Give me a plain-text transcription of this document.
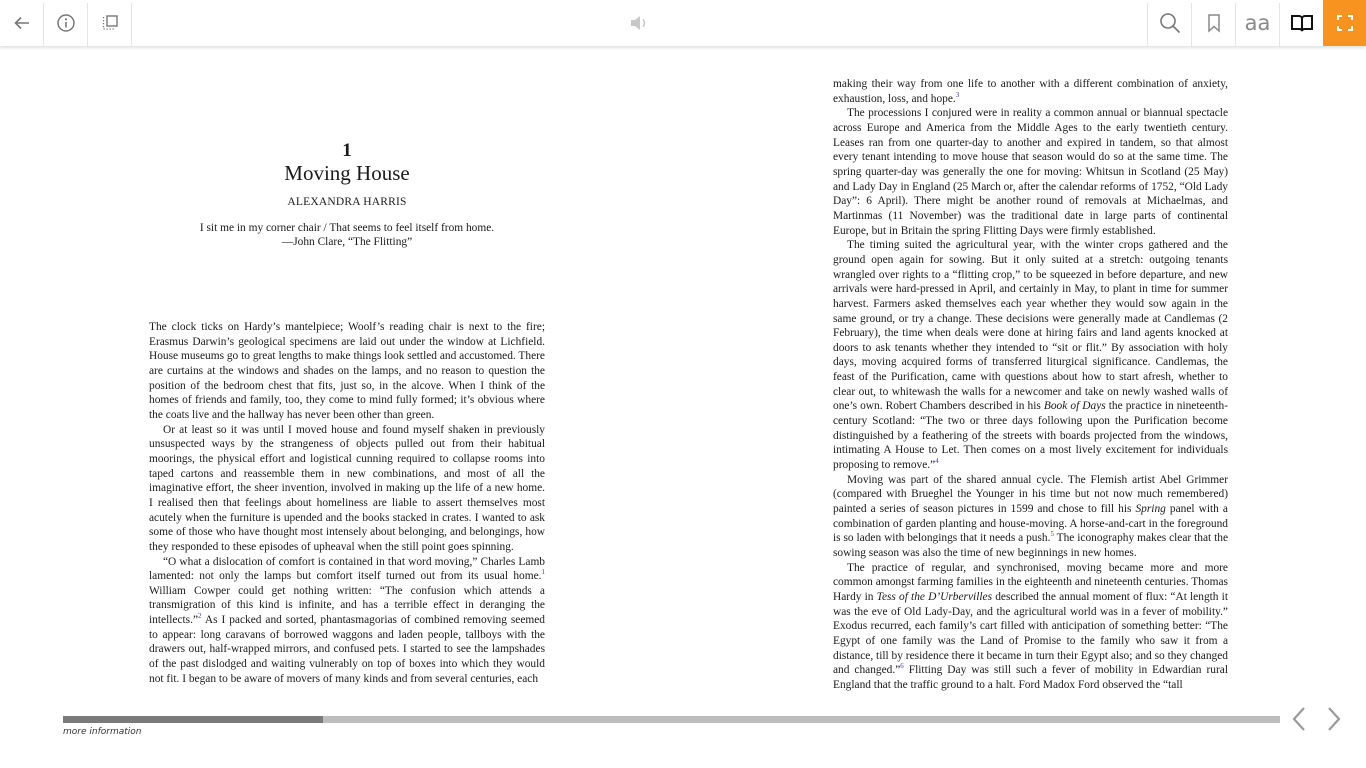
aa
1
Moving House
ALEXANDRA HARRIS
I sit me in my corner chair / That seems to feel itself from home.
—John Clare, “The Flitting”

The clock ticks on Hardy’s mantelpiece; Woolf’s reading chair is next to the fire; Erasmus Darwin’s geological specimens are laid out under the window at Lichfield. House museums go to great lengths to make things look settled and accustomed. There are curtains at the windows and shades on the lamps, and no reason to question the position of the bedroom chest that fits, just so, in the alcove. When I think of the homes of friends and family, too, they come to mind fully formed; it’s obvious where the coats live and the hallway has never been other than green.

Or at least so it was until I moved house and found myself shaken in previously unsuspected ways by the strangeness of objects pulled out from their habitual moorings, the physical effort and logistical cunning required to collapse rooms into taped cartons and reassemble them in new combinations, and most of all the imaginative effort, the sheer invention, involved in making up the life of a new home. I realised then that feelings about homeliness are liable to assert themselves most acutely when the furniture is upended and the books stacked in crates. I wanted to ask some of those who have thought most intensely about belonging, and belongings, how they responded to these episodes of upheaval when the still point goes spinning.

“O what a dislocation of comfort is contained in that word moving,” Charles Lamb lamented: not only the lamps but comfort itself turned out from its usual home.$^1$ William Cowper could get nothing written: “The confusion which attends a transmigration of this kind is infinite, and has a terrible effect in deranging the intellects.”$^2$ As I packed and sorted, phantasmagorias of combined removing seemed to appear: long caravans of borrowed waggons and laden people, tallboys with the drawers out, half-wrapped mirrors, and confused pets. I started to see the lampshades of the past dislodged and waiting vulnerably on top of boxes into which they would not fit. I began to be aware of movers of many kinds and from several centuries, each

making their way from one life to another with a different combination of anxiety, exhaustion, loss, and hope.$^3$

The processions I conjured were in reality a common annual or biannual spectacle across Europe and America from the Middle Ages to the early twentieth century. Leases ran from one quarter-day to another and expired in tandem, so that almost every tenant intending to move house that season would do so at the same time. The spring quarter-day was generally the one for moving: Whitsun in Scotland (25 May) and Lady Day in England (25 March or, after the calendar reforms of 1752, “Old Lady Day”: 6 April). There might be another round of removals at Michaelmas, and Martinmas (11 November) was the traditional date in large parts of continental Europe, but in Britain the spring Flitting Days were firmly established.

The timing suited the agricultural year, with the winter crops gathered and the ground open again for sowing. But it only suited at a stretch: outgoing tenants wrangled over rights to a “flitting crop,” to be squeezed in before departure, and new arrivals were hard-pressed in April, and certainly in May, to plant in time for summer harvest. Farmers asked themselves each year whether they would sow again in the same ground, or try a change. These decisions were generally made at Candlemas (2 February), the time when deals were done at hiring fairs and land agents knocked at doors to ask tenants whether they intended to “sit or flit.” By association with holy days, moving acquired forms of transferred liturgical significance. Candlemas, the feast of the Purification, came with questions about how to start afresh, whether to clear out, to whitewash the walls for a newcomer and take on newly washed walls of one’s own. Robert Chambers described in his Book of Days the practice in nineteenth-century Scotland: “The two or three days following upon the Purification become distinguished by a feathering of the streets with boards projected from the windows, intimating A House to Let. Then comes on a most lively excitement for individuals proposing to remove.”$^4$

Moving was part of the shared annual cycle. The Flemish artist Abel Grimmer (compared with Brueghel the Younger in his time but not now much remembered) painted a series of season pictures in 1599 and chose to fill his Spring panel with a combination of garden planting and house-moving. A horse-and-cart in the foreground is so laden with belongings that it needs a push.$^5$ The iconography makes clear that the sowing season was also the time of new beginnings in new homes.

The practice of regular, and synchronised, moving became more and more common amongst farming families in the eighteenth and nineteenth centuries. Thomas Hardy in Tess of the D’Urbervilles described the annual moment of flux: “At length it was the eve of Old Lady-Day, and the agricultural world was in a fever of mobility.” Exodus recurred, each family’s cart filled with anticipation of something better: “The Egypt of one family was the Land of Promise to the family who saw it from a distance, till by residence there it became in turn their Egypt also; and so they changed and changed.”$^6$ Flitting Day was still such a fever of mobility in Edwardian rural England that the traffic ground to a halt. Ford Madox Ford observed the “tall

more information
